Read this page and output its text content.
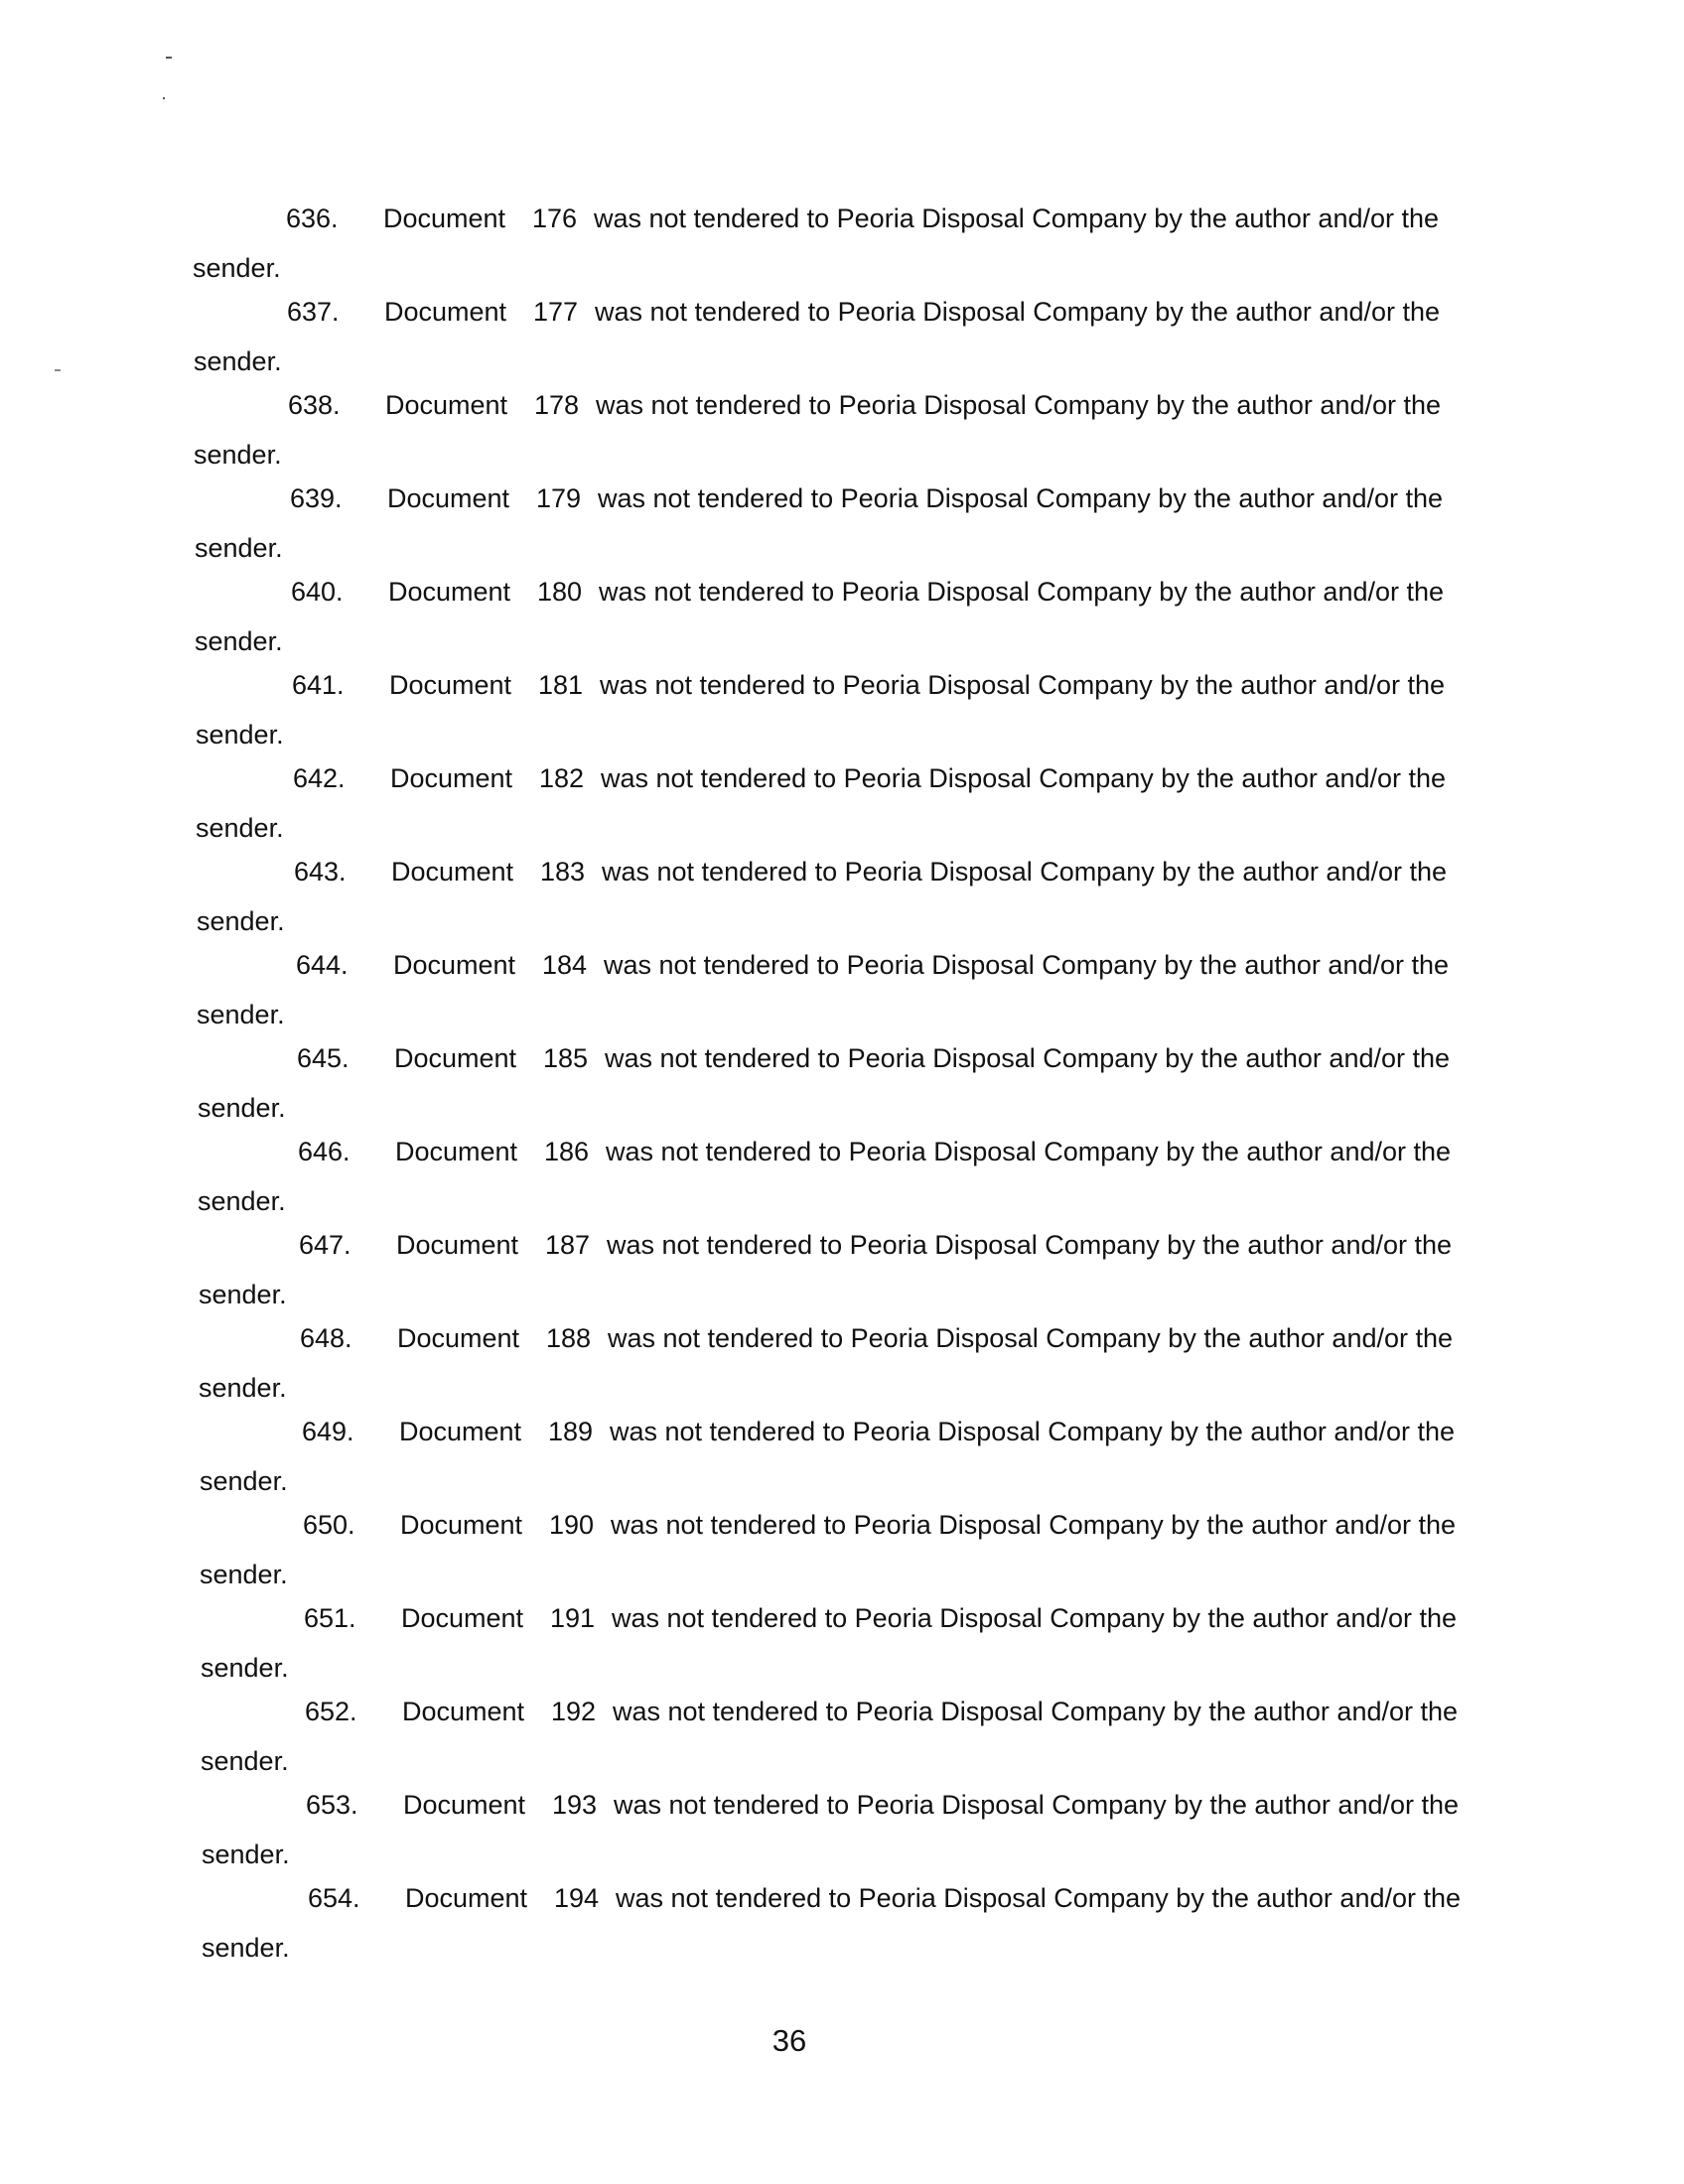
636. Document 176 was not tendered to Peoria Disposal Company by the author and/or the
sender.
637. Document 177 was not tendered to Peoria Disposal Company by the author and/or the
sender.
638. Document 178 was not tendered to Peoria Disposal Company by the author and/or the
sender.
639. Document 179 was not tendered to Peoria Disposal Company by the author and/or the
sender.
640. Document 180 was not tendered to Peoria Disposal Company by the author and/or the
sender.
641. Document 181 was not tendered to Peoria Disposal Company by the author and/or the
sender.
642. Document 182 was not tendered to Peoria Disposal Company by the author and/or the
sender.
643. Document 183 was not tendered to Peoria Disposal Company by the author and/or the
sender.
644. Document 184 was not tendered to Peoria Disposal Company by the author and/or the
sender.
645. Document 185 was not tendered to Peoria Disposal Company by the author and/or the
sender.
646. Document 186 was not tendered to Peoria Disposal Company by the author and/or the
sender.
647. Document 187 was not tendered to Peoria Disposal Company by the author and/or the
sender.
648. Document 188 was not tendered to Peoria Disposal Company by the author and/or the
sender.
649. Document 189 was not tendered to Peoria Disposal Company by the author and/or the
sender.
650. Document 190 was not tendered to Peoria Disposal Company by the author and/or the
sender.
651. Document 191 was not tendered to Peoria Disposal Company by the author and/or the
sender.
652. Document 192 was not tendered to Peoria Disposal Company by the author and/or the
sender.
653. Document 193 was not tendered to Peoria Disposal Company by the author and/or the
sender.
654. Document 194 was not tendered to Peoria Disposal Company by the author and/or the
sender.
36
